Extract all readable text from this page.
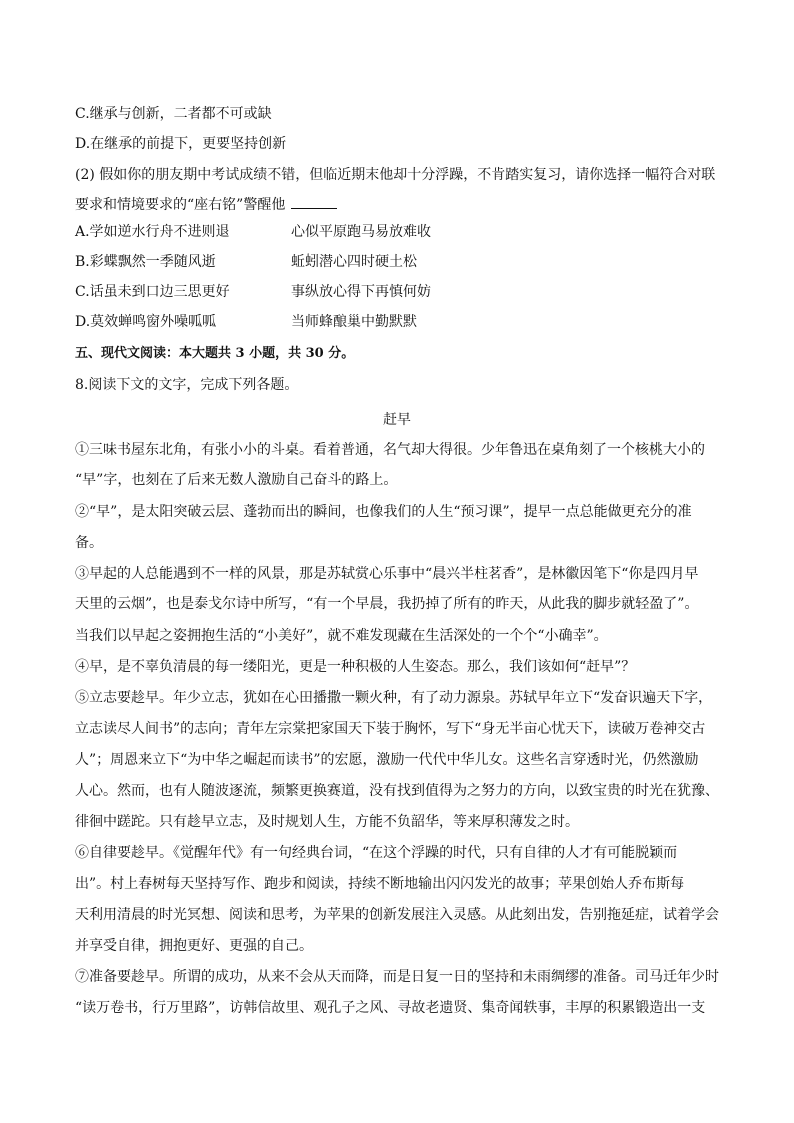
C.继承与创新，二者都不可或缺
D.在继承的前提下，更要坚持创新
(2) 假如你的朋友期中考试成绩不错，但临近期末他却十分浮躁，不肯踏实复习，请你选择一幅符合对联
要求和情境要求的“座右铭”警醒他
A.学如逆水行舟不进则退	心似平原跑马易放难收
B.彩蝶飘然一季随风逝	蚯蚓潜心四时硬土松
C.话虽未到口边三思更好	事纵放心得下再慎何妨
D.莫效蝉鸣窗外噪呱呱	当师蜂酿巢中勤默默
五、现代文阅读：本大题共 3 小题，共 30 分。
8.阅读下文的文字，完成下列各题。
赶早
①三味书屋东北角，有张小小的斗桌。看着普通，名气却大得很。少年鲁迅在桌角刻了一个核桃大小的
“早”字，也刻在了后来无数人激励自己奋斗的路上。
②“早”，是太阳突破云层、蓬勃而出的瞬间，也像我们的人生“预习课”，提早一点总能做更充分的准
备。
③早起的人总能遇到不一样的风景，那是苏轼赏心乐事中“晨兴半柱茗香”，是林徽因笔下“你是四月早
天里的云烟”，也是泰戈尔诗中所写，“有一个早晨，我扔掉了所有的昨天，从此我的脚步就轻盈了”。
当我们以早起之姿拥抱生活的“小美好”，就不难发现藏在生活深处的一个个“小确幸”。
④早，是不辜负清晨的每一缕阳光，更是一种积极的人生姿态。那么，我们该如何“赶早”？
⑤立志要趁早。年少立志，犹如在心田播撒一颗火种，有了动力源泉。苏轼早年立下“发奋识遍天下字，
立志读尽人间书”的志向；青年左宗棠把家国天下装于胸怀，写下“身无半亩心忧天下，读破万卷神交古
人”；周恩来立下“为中华之崛起而读书”的宏愿，激励一代代中华儿女。这些名言穿透时光，仍然激励
人心。然而，也有人随波逐流，频繁更换赛道，没有找到值得为之努力的方向，以致宝贵的时光在犹豫、
徘徊中蹉跎。只有趁早立志，及时规划人生，方能不负韶华，等来厚积薄发之时。
⑥自律要趁早。《觉醒年代》有一句经典台词，“在这个浮躁的时代，只有自律的人才有可能脱颖而
出”。村上春树每天坚持写作、跑步和阅读，持续不断地输出闪闪发光的故事；苹果创始人乔布斯每
天利用清晨的时光冥想、阅读和思考，为苹果的创新发展注入灵感。从此刻出发，告别拖延症，试着学会
并享受自律，拥抱更好、更强的自己。
⑦准备要趁早。所谓的成功，从来不会从天而降，而是日复一日的坚持和未雨绸缪的准备。司马迁年少时
“读万卷书，行万里路”，访韩信故里、观孔子之风、寻故老遗贤、集奇闻轶事，丰厚的积累锻造出一支
